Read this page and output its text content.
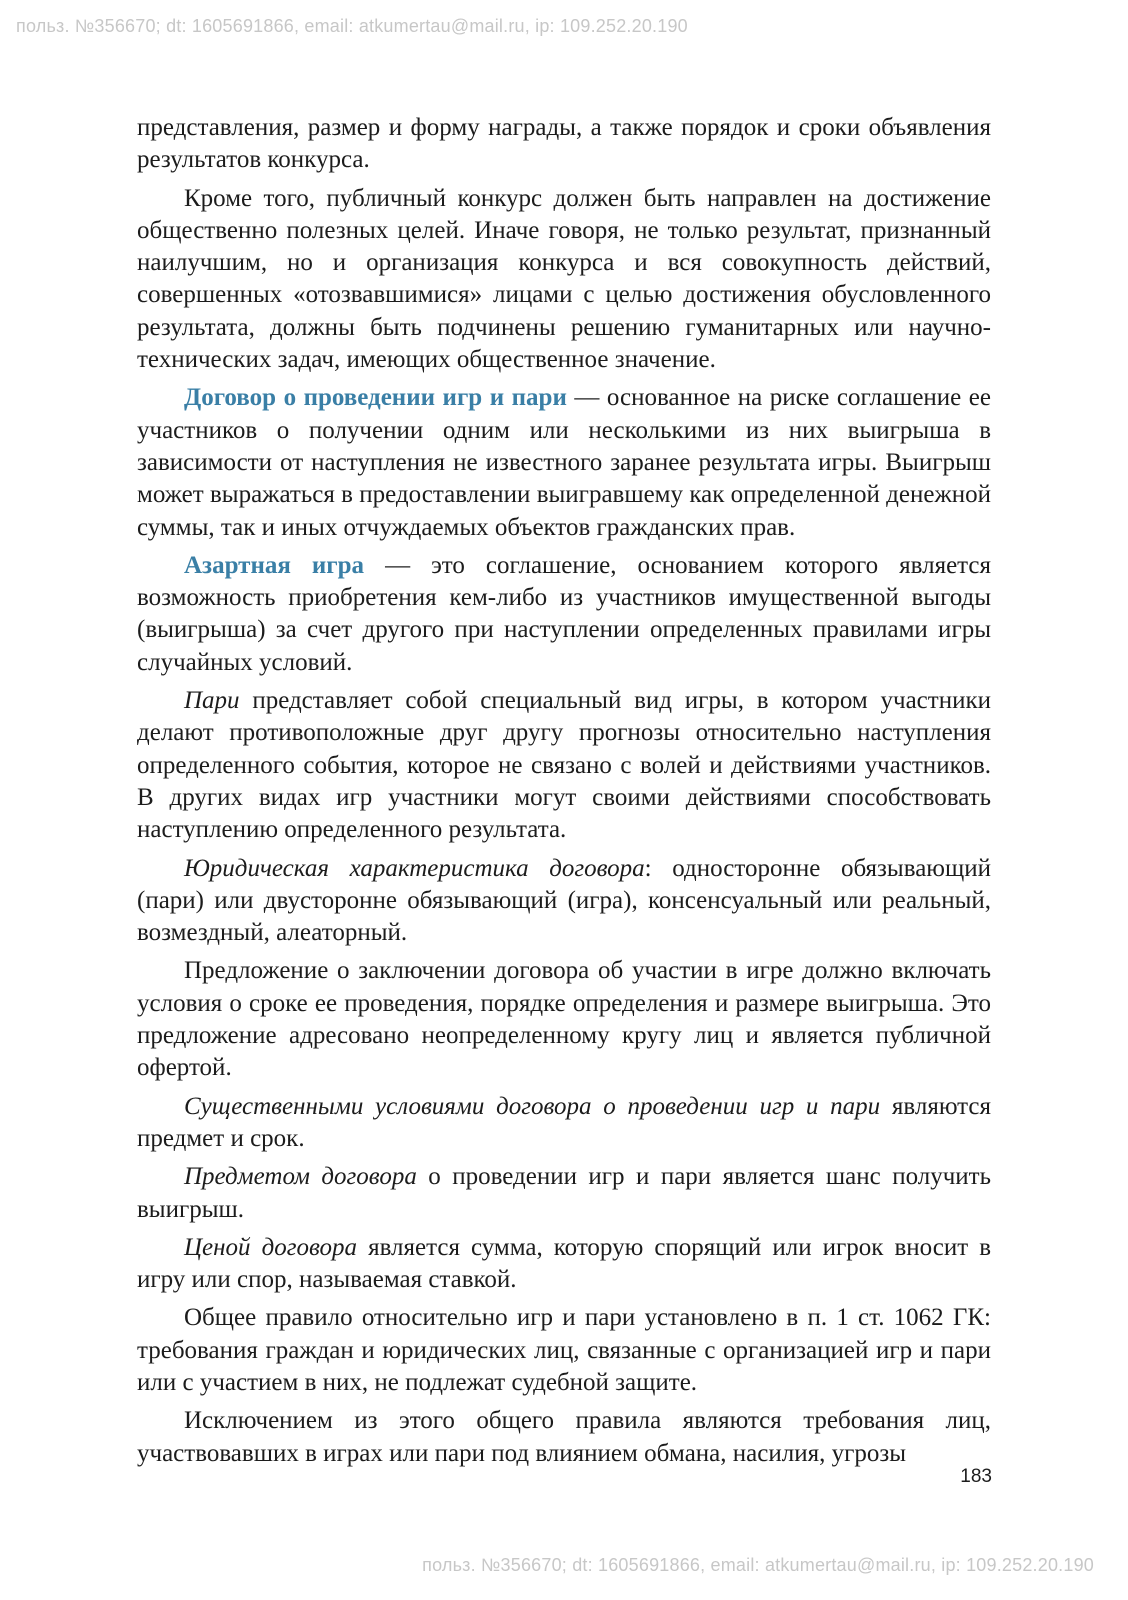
польз. №356670; dt: 1605691866, email: atkumertau@mail.ru, ip: 109.252.20.190

представления, размер и форму награды, а также порядок и сроки объявления результатов конкурса.

Кроме того, публичный конкурс должен быть направлен на достижение общественно полезных целей. Иначе говоря, не только результат, признанный наилучшим, но и организация конкурса и вся совокупность действий, совершенных «отозвавшимися» лицами с целью достижения обусловленного результата, должны быть подчинены решению гуманитарных или научно-технических задач, имеющих общественное значение.

Договор о проведении игр и пари — основанное на риске соглашение ее участников о получении одним или несколькими из них выигрыша в зависимости от наступления не известного заранее результата игры. Выигрыш может выражаться в предоставлении выигравшему как определенной денежной суммы, так и иных отчуждаемых объектов гражданских прав.

Азартная игра — это соглашение, основанием которого является возможность приобретения кем-либо из участников имущественной выгоды (выигрыша) за счет другого при наступлении определенных правилами игры случайных условий.

Пари представляет собой специальный вид игры, в котором участники делают противоположные друг другу прогнозы относительно наступления определенного события, которое не связано с волей и действиями участников. В других видах игр участники могут своими действиями способствовать наступлению определенного результата.

Юридическая характеристика договора: односторонне обязывающий (пари) или двусторонне обязывающий (игра), консенсуальный или реальный, возмездный, алеаторный.

Предложение о заключении договора об участии в игре должно включать условия о сроке ее проведения, порядке определения и размере выигрыша. Это предложение адресовано неопределенному кругу лиц и является публичной офертой.

Существенными условиями договора о проведении игр и пари являются предмет и срок.

Предметом договора о проведении игр и пари является шанс получить выигрыш.

Ценой договора является сумма, которую спорящий или игрок вносит в игру или спор, называемая ставкой.

Общее правило относительно игр и пари установлено в п. 1 ст. 1062 ГК: требования граждан и юридических лиц, связанные с организацией игр и пари или с участием в них, не подлежат судебной защите.

Исключением из этого общего правила являются требования лиц, участвовавших в играх или пари под влиянием обмана, насилия, угрозы

183
польз. №356670; dt: 1605691866, email: atkumertau@mail.ru, ip: 109.252.20.190
